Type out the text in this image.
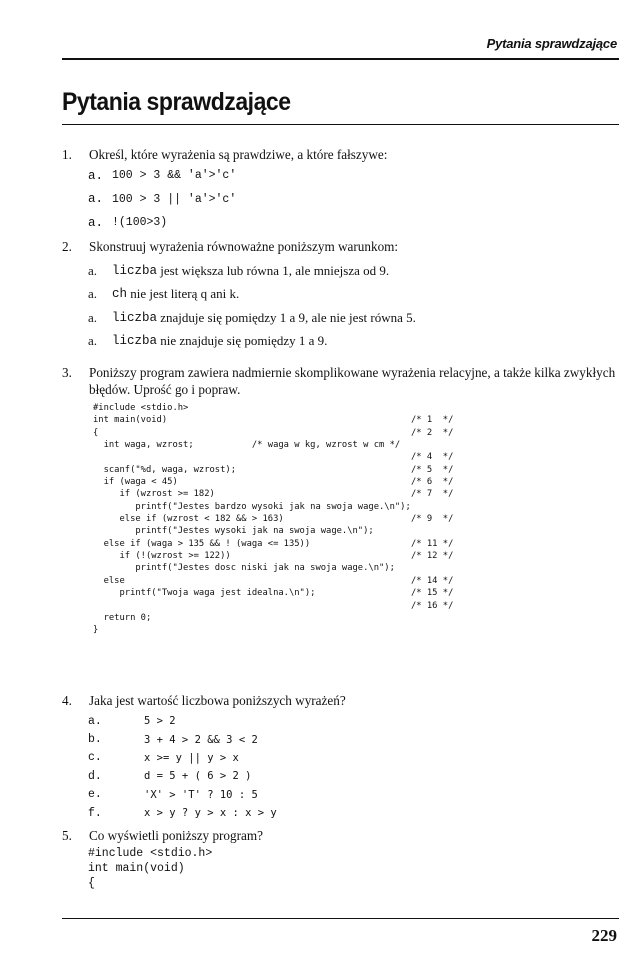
Pytania sprawdzające
Pytania sprawdzające
1. Określ, które wyrażenia są prawdziwe, a które fałszywe:
a. 100 > 3 && 'a'>'c'
a. 100 > 3 || 'a'>'c'
a. !(100>3)
2. Skonstruuj wyrażenia równoważne poniższym warunkom:
a.	liczba jest większa lub równa 1, ale mniejsza od 9.
a.	ch nie jest literą q ani k.
a.	liczba znajduje się pomiędzy 1 a 9, ale nie jest równa 5.
a.	liczba nie znajduje się pomiędzy 1 a 9.
3. Poniższy program zawiera nadmiernie skomplikowane wyrażenia relacyjne, a także kilka zwykłych błędów. Uprość go i popraw.
#include <stdio.h>
int main(void)	/* 1  */
{	/* 2  */
int waga, wzrost;           /* waga w kg, wzrost w cm */
/* 4  */
scanf("%d, waga, wzrost);	/* 5  */
if (waga < 45)	/* 6  */
if (wzrost >= 182)	/* 7  */
printf("Jestes bardzo wysoki jak na swoja wage.\n");
else if (wzrost < 182 && > 163)	/* 9  */
printf("Jestes wysoki jak na swoja wage.\n");
else if (waga > 135 && ! (waga <= 135))	/* 11 */
if (!(wzrost >= 122))	/* 12 */
printf("Jestes dosc niski jak na swoja wage.\n");
else	/* 14 */
printf("Twoja waga jest idealna.\n");	/* 15 */
/* 16 */
return 0;
}
4. Jaka jest wartość liczbowa poniższych wyrażeń?
a.	5 > 2
b.	3 + 4 > 2 && 3 < 2
c.	x >= y || y > x
d.	d = 5 + ( 6 > 2 )
e.	'X' > 'T' ? 10 : 5
f.	x > y ? y > x : x > y
5. Co wyświetli poniższy program?
#include <stdio.h>
int main(void)
{
229
